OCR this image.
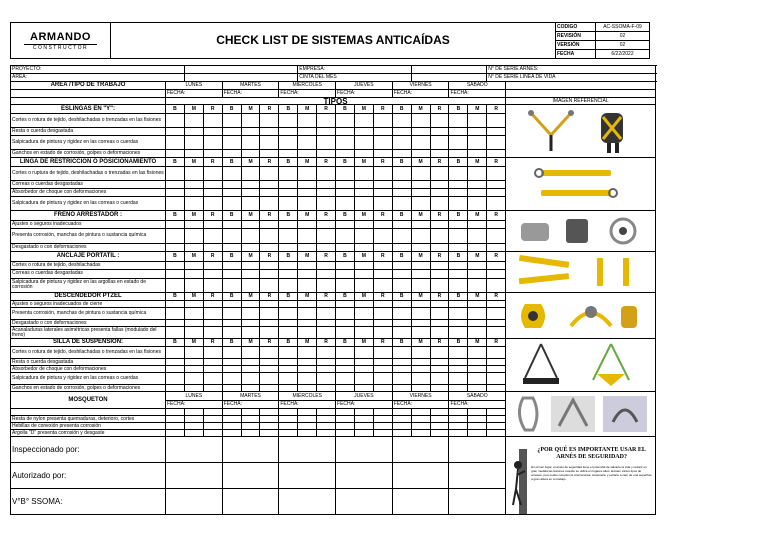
ARMANDO
CONSTRUCTOR	CHECK LIST DE SISTEMAS ANTICAÍDAS	CODIGO	AC-SSOMA-F-09
		REVISIÓN	02
		VERSIÓN	02
		FECHA	6/22/2022
PROYECTO:								EMPRESA:										N° DE SERIE ARNÉS:	
AREA:								CINTA DEL MES										N° DE SERIE LINEA DE VIDA	
AREA /TIPO DE TRABAJO	LUNES			MARTES			MIÉRCOLES			JUEVES			VIERNES			SÁBADO			
	FECHA:			FECHA:			FECHA:			FECHA:			FECHA:			FECHA:			
	TIPOS																		IMAGEN REFERENCIAL
ESLINGAS EN "Y":	B	M	R	B	M	R	B	M	R	B	M	R	B	M	R	B	M	R	

Cortes o rotura de tejido, deshilachadas o trenzadas en las fisiones																			
Resta o cuerda desgastada																			
Salpicadura de pintura y rigidez en las correas o cuerdas																			
Ganchos en estado de corrosión, golpes o deformaciones																			
LINGA DE RESTRICCION O POSICIONAMIENTO	B	M	R	B	M	R	B	M	R	B	M	R	B	M	R	B	M	R	

Cortes o ruptura de tejido, deshilachadas o trenzadas en las fisiones																			
Correas o cuerdas desgastadas																			
Absorbedor de choque con deformaciones																			
Salpicadura de pintura y rigidez en las correas o cuerdas																			
FRENO ARRESTADOR :	B	M	R	B	M	R	B	M	R	B	M	R	B	M	R	B	M	R	

Ajustes o seguros inadecuados																			
Presenta corrosión, manchas de pintura o sustancia química																			
Desgastado o con deformaciones																			
ANCLAJE PORTATIL :	B	M	R	B	M	R	B	M	R	B	M	R	B	M	R	B	M	R	

Cortes o rotura de tejido, deshilachadas																			
Correas o cuerdas desgastadas																			
Salpicadura de pintura y rigidez en las argollas en estado de corrosión																			
DESCENDEDOR PTZEL	B	M	R	B	M	R	B	M	R	B	M	R	B	M	R	B	M	R	

Ajustes o seguros inadecuados de cierre																			
Presenta corrosión, manchas de pintura o sustancia química																			
Desgastado o con deformaciones																			
Acanaladuras laterales asimétricas presenta fallas (modulado del freno)																			
SILLA DE SUSPENSION:	B	M	R	B	M	R	B	M	R	B	M	R	B	M	R	B	M	R	

Cortes o rotura de tejido, deshilachadas o trenzadas en las fisiones																			
Resta o cuerda desgastada																			
Absorbedor de choque con deformaciones																			
Salpicadura de pintura y rigidez en las correas o cuerdas																			
Ganchos en estado de corrosión, golpes o deformaciones																			
MOSQUETON	LUNES			MARTES			MIÉRCOLES			JUEVES			VIERNES			SÁBADO	

	FECHA:			FECHA:			FECHA:			FECHA:			FECHA:			FECHA:			

Resta de nylon presenta quemaduras, deterioro, cortes																			
Hebillas de conexión presenta corrosión																			
Argolla "D" presenta corrosión y desgaste																			
Inspeccionado por:																			¿POR QUÉ ES IMPORTANTE USAR EL ARNÉS DE SEGURIDAD?
En primer lugar, el arnés de seguridad tiene el potencial de salvarte la vida y reducir en gran medida las lesiones cuando se utiliza en lugares altos. Existen varios tipos de arneses, pero todos cumplen la misma tarea, sostenerte y evitarte a caer de una superficie a gran altura en tu trabajo.

Autorizado por:																			
V°B° SSOMA:																			
